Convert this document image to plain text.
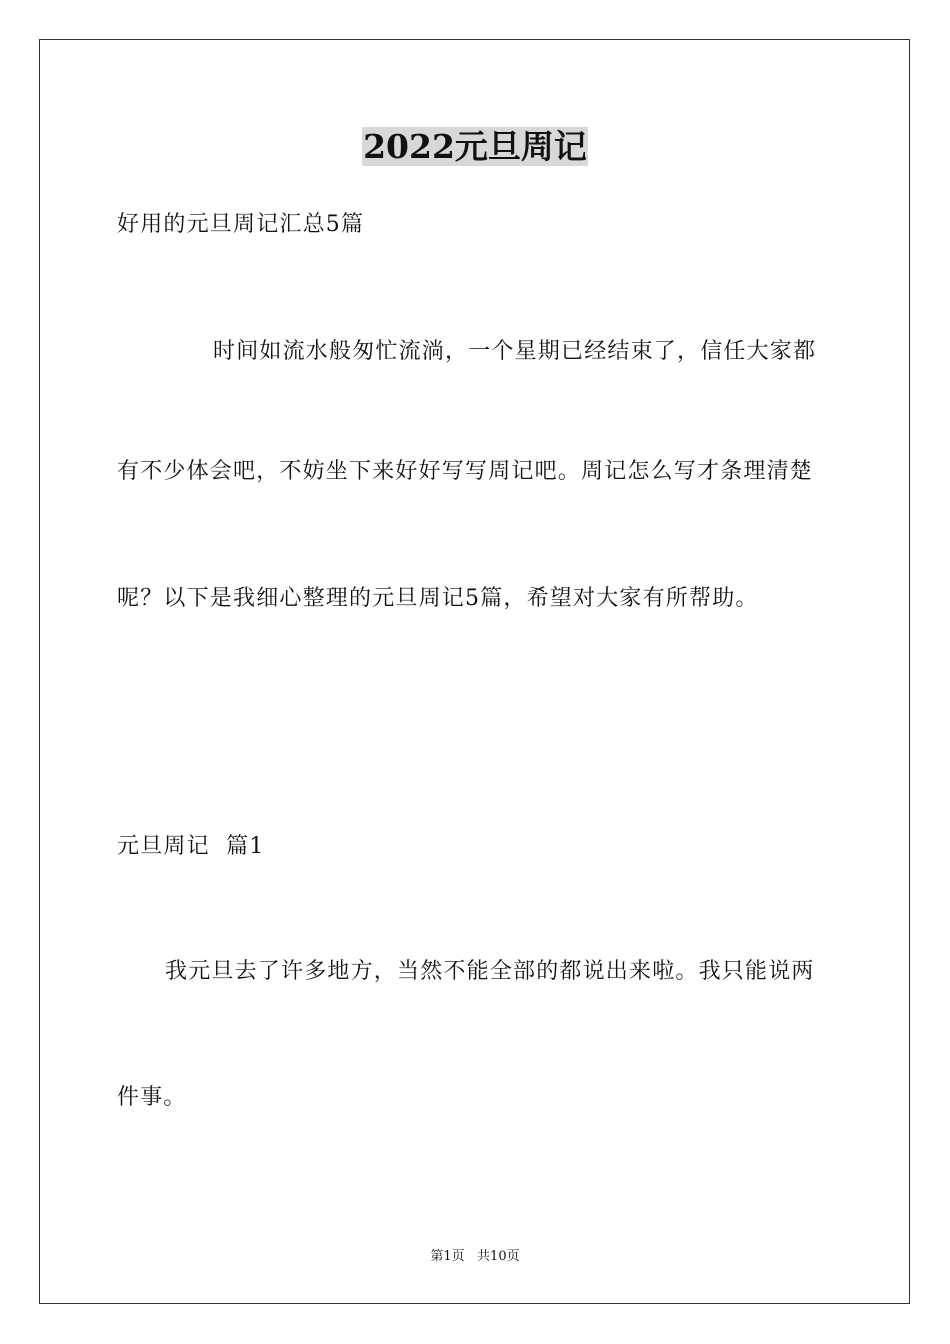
2022元旦周记
好用的元旦周记汇总5篇
时间如流水般匆忙流淌，一个星期已经结束了，信任大家都
有不少体会吧，不妨坐下来好好写写周记吧。周记怎么写才条理清楚
呢？以下是我细心整理的元旦周记5篇，希望对大家有所帮助。
元旦周记  篇1
我元旦去了许多地方，当然不能全部的都说出来啦。我只能说两
件事。
第1页   共10页
